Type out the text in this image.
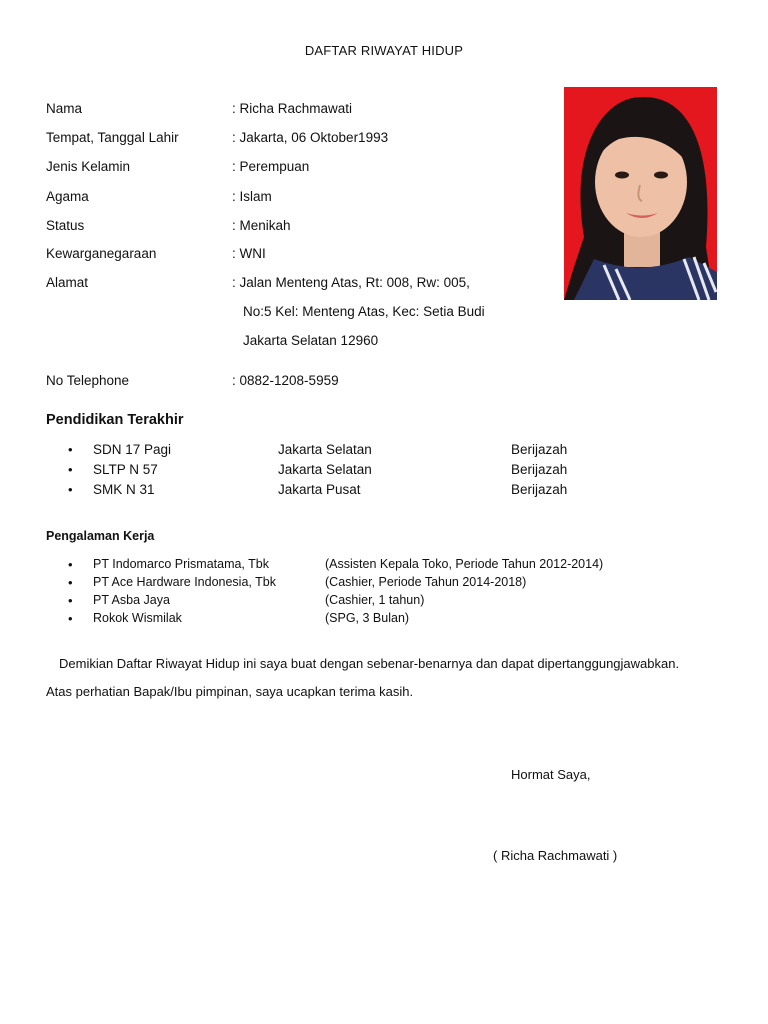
DAFTAR RIWAYAT HIDUP
Nama	: Richa Rachmawati
Tempat, Tanggal Lahir	: Jakarta, 06 Oktober1993
Jenis Kelamin	: Perempuan
Agama	: Islam
Status	: Menikah
Kewarganegaraan	: WNI
Alamat	: Jalan Menteng Atas, Rt: 008, Rw: 005,
No:5 Kel: Menteng Atas, Kec: Setia Budi
Jakarta Selatan 12960
No Telephone	: 0882-1208-5959
Pendidikan Terakhir
• SDN 17 Pagi	Jakarta Selatan	Berijazah
• SLTP N 57	Jakarta Selatan	Berijazah
• SMK N 31	Jakarta Pusat	Berijazah
Pengalaman Kerja
• PT Indomarco Prismatama, Tbk	(Assisten Kepala Toko, Periode Tahun 2012-2014)
• PT Ace Hardware Indonesia, Tbk	(Cashier, Periode Tahun 2014-2018)
• PT Asba Jaya	(Cashier, 1 tahun)
• Rokok Wismilak	(SPG, 3 Bulan)
Demikian Daftar Riwayat Hidup ini saya buat dengan sebenar-benarnya dan dapat dipertanggungjawabkan.
Atas perhatian Bapak/Ibu pimpinan, saya ucapkan terima kasih.
Hormat Saya,
( Richa Rachmawati )
